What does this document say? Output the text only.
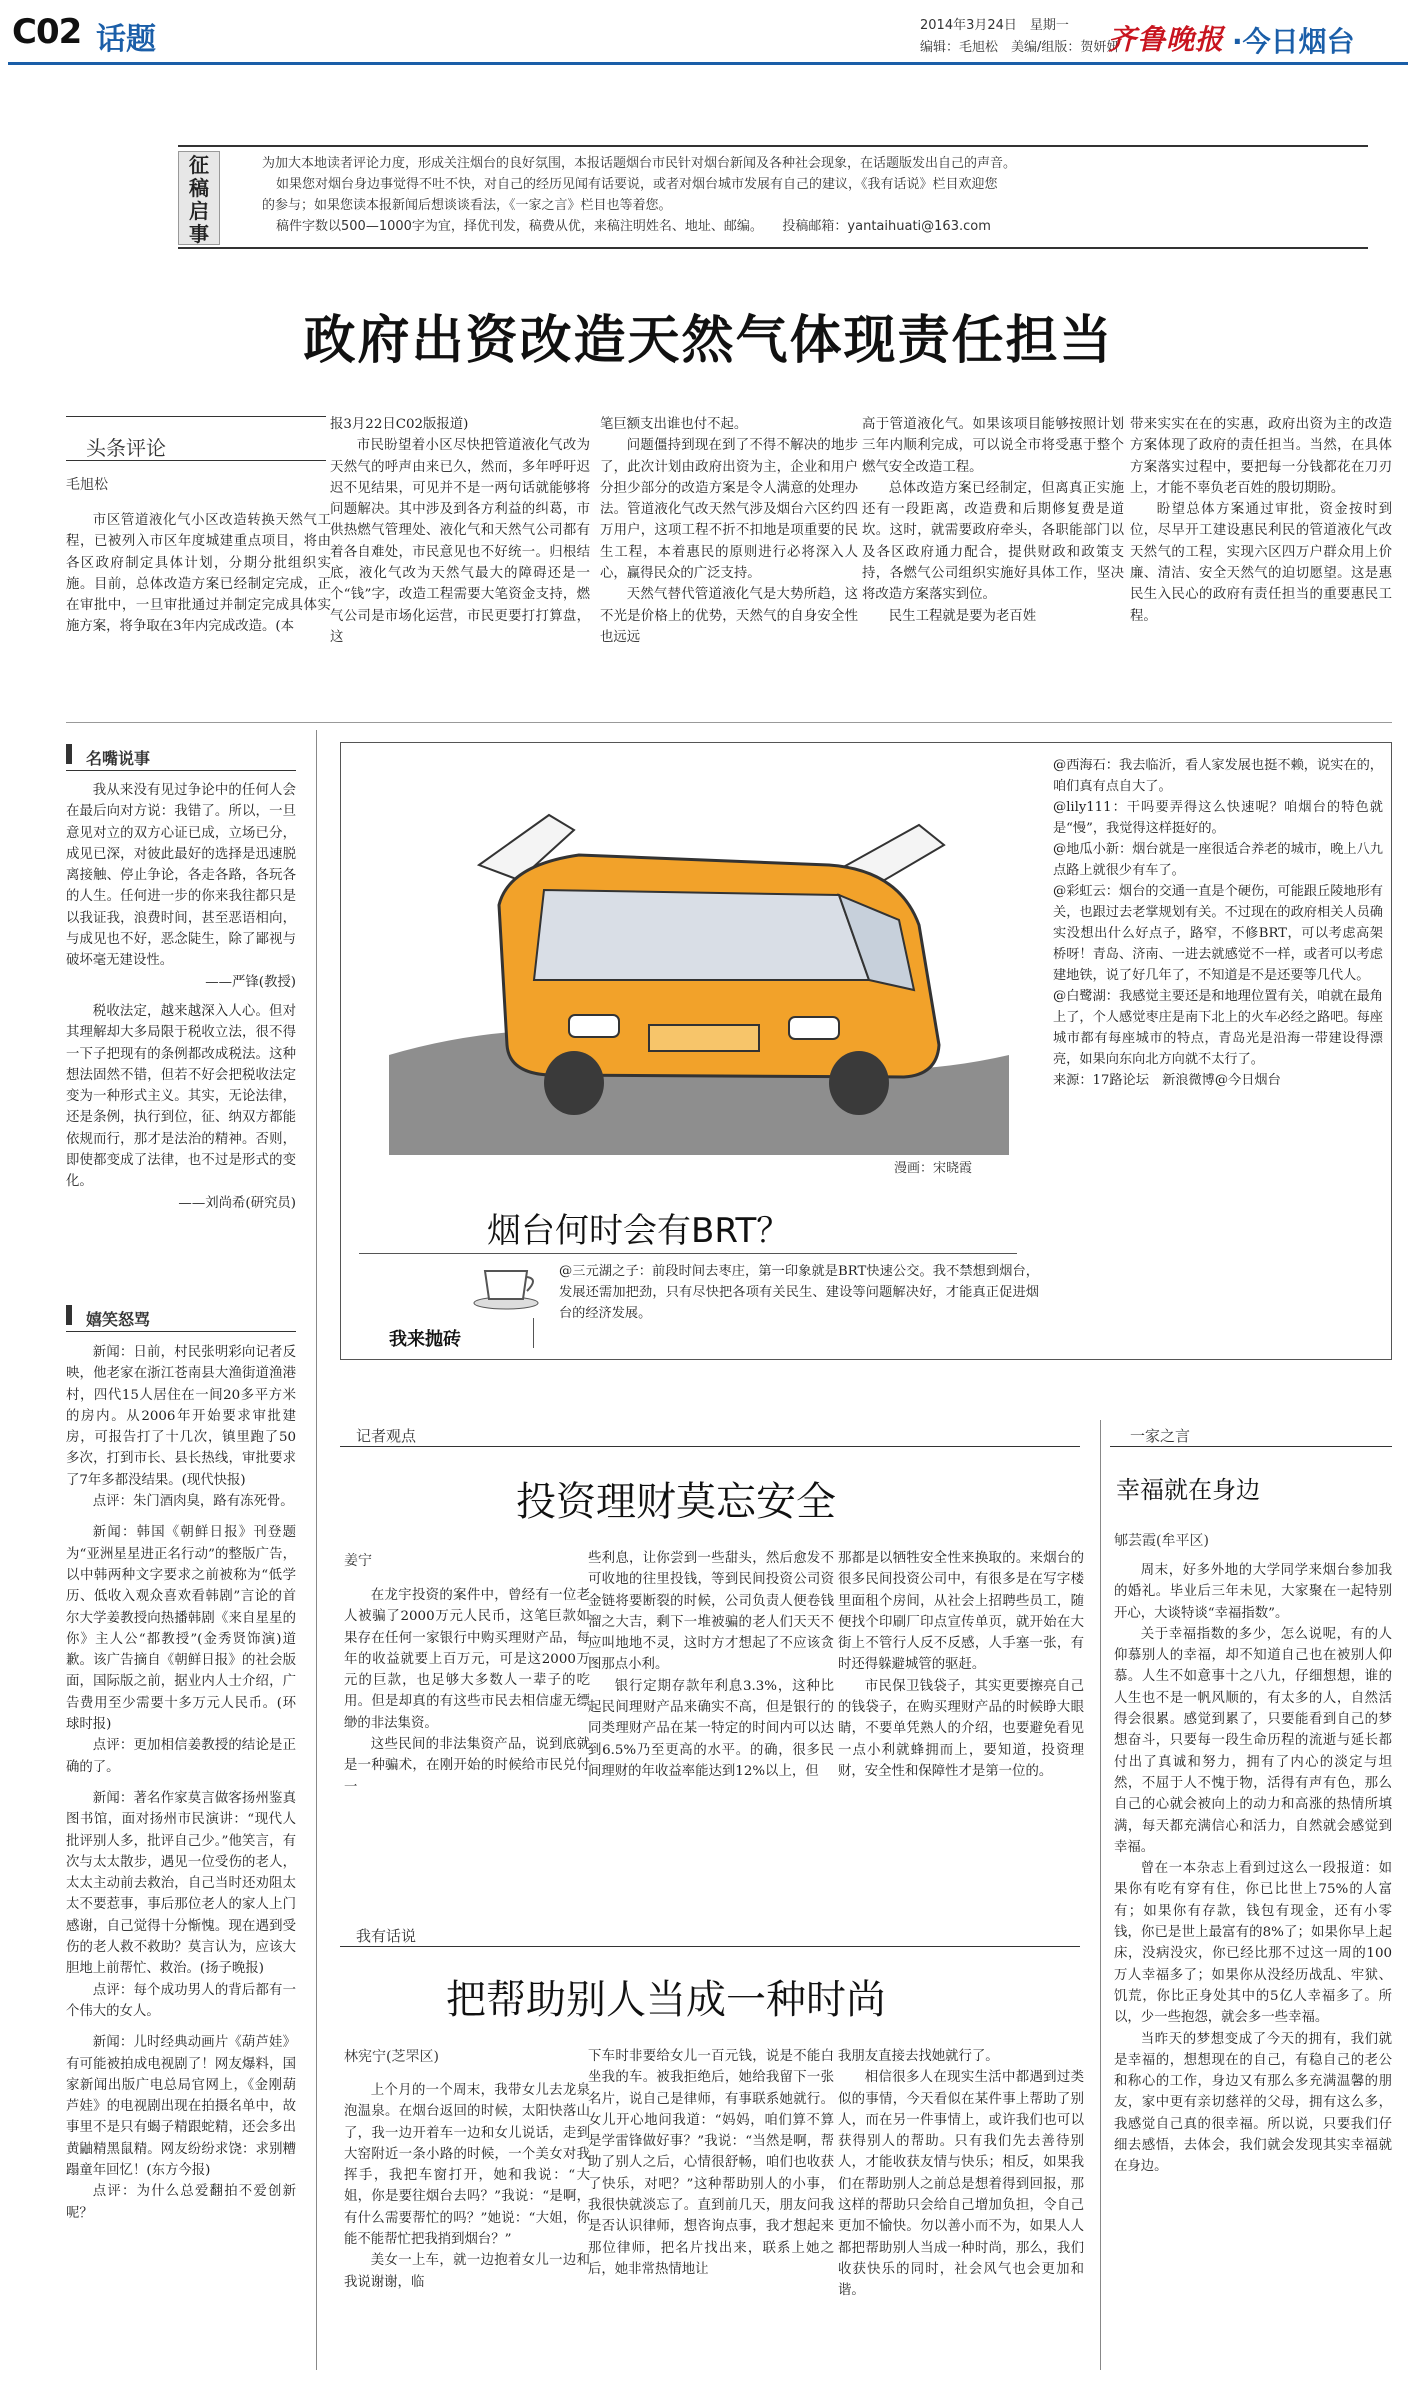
C02 话题	2014年3月24日　 星期一
编辑：毛旭松　美编/组版：贺妍妍
齐鲁晚报 ·今日烟台
征稿启事
为加大本地读者评论力度，形成关注烟台的良好氛围，本报话题烟台市民针对烟台新闻及各种社会现象，在话题版发出自己的声音。
如果您对烟台身边事觉得不吐不快，对自己的经历见闻有话要说，或者对烟台城市发展有自己的建议，《我有话说》栏目欢迎您
的参与；如果您读本报新闻后想谈谈看法，《一家之言》栏目也等着您。
稿件字数以500—1000字为宜，择优刊发，稿费从优，来稿注明姓名、地址、邮编。　　 投稿邮箱：yantaihuati@163.com
政府出资改造天然气体现责任担当
头条评论
毛旭松

市区管道液化气小区改造转换天然气工程，已被列入市区年度城建重点项目，将由各区政府制定具体计划，分期分批组织实施。目前，总体改造方案已经制定完成，正在审批中，一旦审批通过并制定完成具体实施方案，将争取在3年内完成改造。(本

报3月22日C02版报道)

市民盼望着小区尽快把管道液化气改为天然气的呼声由来已久，然而，多年呼吁迟迟不见结果，可见并不是一两句话就能够将问题解决。其中涉及到各方利益的纠葛，市供热燃气管理处、液化气和天然气公司都有着各自难处，市民意见也不好统一。归根结底，液化气改为天然气最大的障碍还是一个“钱”字，改造工程需要大笔资金支持，燃气公司是市场化运营，市民更要打打算盘，这

笔巨额支出谁也付不起。

问题僵持到现在到了不得不解决的地步了，此次计划由政府出资为主，企业和用户分担少部分的改造方案是令人满意的处理办法。管道液化气改天然气涉及烟台六区约四万用户，这项工程不折不扣地是项重要的民生工程，本着惠民的原则进行必将深入人心，赢得民众的广泛支持。

天然气替代管道液化气是大势所趋，这不光是价格上的优势，天然气的自身安全性也远远

高于管道液化气。如果该项目能够按照计划三年内顺利完成，可以说全市将受惠于整个燃气安全改造工程。

总体改造方案已经制定，但离真正实施还有一段距离，改造费和后期修复费是道坎。这时，就需要政府牵头，各职能部门以及各区政府通力配合，提供财政和政策支持，各燃气公司组织实施好具体工作，坚决将改造方案落实到位。

民生工程就是要为老百姓

带来实实在在的实惠，政府出资为主的改造方案体现了政府的责任担当。当然，在具体方案落实过程中，要把每一分钱都花在刀刃上，才能不辜负老百姓的殷切期盼。

盼望总体方案通过审批，资金按时到位，尽早开工建设惠民利民的管道液化气改天然气的工程，实现六区四万户群众用上价廉、清洁、安全天然气的迫切愿望。这是惠民生入民心的政府有责任担当的重要惠民工程。

名嘴说事

我从来没有见过争论中的任何人会在最后向对方说：我错了。所以，一旦意见对立的双方心证已成，立场已分，成见已深，对彼此最好的选择是迅速脱离接触、停止争论，各走各路，各玩各的人生。任何进一步的你来我往都只是以我证我，浪费时间，甚至恶语相向，与成见也不好，恶念陡生，除了鄙视与破坏毫无建设性。

——严锋(教授)

税收法定，越来越深入人心。但对其理解却大多局限于税收立法，很不得一下子把现有的条例都改成税法。这种想法固然不错，但若不好会把税收法定变为一种形式主义。其实，无论法律，还是条例，执行到位，征、纳双方都能依规而行，那才是法治的精神。否则，即使都变成了法律，也不过是形式的变化。

——刘尚希(研究员)

嬉笑怒骂

新闻：日前，村民张明彩向记者反映，他老家在浙江苍南县大渔街道渔港村，四代15人居住在一间20多平方米的房内。从2006年开始要求审批建房，可报告打了十几次，镇里跑了50多次，打到市长、县长热线，审批要求了7年多都没结果。(现代快报)

点评：朱门酒肉臭，路有冻死骨。

新闻：韩国《朝鲜日报》刊登题为“亚洲星星进正名行动”的整版广告，以中韩两种文字要求之前被称为“低学历、低收入观众喜欢看韩剧”言论的首尔大学姜教授向热播韩剧《来自星星的你》主人公“都教授”(金秀贤饰演)道歉。该广告摘自《朝鲜日报》的社会版面，国际版之前，据业内人士介绍，广告费用至少需要十多万元人民币。(环球时报)

点评：更加相信姜教授的结论是正确的了。

新闻：著名作家莫言做客扬州鉴真图书馆，面对扬州市民演讲：“现代人批评别人多，批评自己少。”他笑言，有次与太太散步，遇见一位受伤的老人，太太主动前去救治，自己当时还劝阻太太不要惹事，事后那位老人的家人上门感谢，自己觉得十分惭愧。现在遇到受伤的老人救不救助？莫言认为，应该大胆地上前帮忙、救治。(扬子晚报)

点评：每个成功男人的背后都有一个伟大的女人。

新闻：儿时经典动画片《葫芦娃》有可能被拍成电视剧了！网友爆料，国家新闻出版广电总局官网上，《金刚葫芦娃》的电视剧出现在拍摄名单中，故事里不是只有蝎子精跟蛇精，还会多出黄鼬精黑鼠精。网友纷纷求饶：求别糟蹋童年回忆！(东方今报)

点评：为什么总爱翻拍不爱创新呢？

漫画：宋晓霞

@西海石：我去临沂，看人家发展也挺不赖，说实在的，咱们真有点自大了。

@lily111：干吗要弄得这么快速呢？咱烟台的特色就是“慢”，我觉得这样挺好的。

@地瓜小新：烟台就是一座很适合养老的城市，晚上八九点路上就很少有车了。

@彩虹云：烟台的交通一直是个硬伤，可能跟丘陵地形有关，也跟过去老掌规划有关。不过现在的政府相关人员确实没想出什么好点子，路窄，不修BRT，可以考虑高架桥呀！青岛、济南、一进去就感觉不一样，或者可以考虑建地铁，说了好几年了，不知道是不是还要等几代人。

@白鹭湖：我感觉主要还是和地理位置有关，咱就在最角上了，个人感觉枣庄是南下北上的火车必经之路吧。每座城市都有每座城市的特点，青岛光是沿海一带建设得漂亮，如果向东向北方向就不太行了。

来源：17路论坛　新浪微博@今日烟台

烟台何时会有BRT？
我来抛砖

@三元湖之子：前段时间去枣庄，第一印象就是BRT快速公交。我不禁想到烟台，发展还需加把劲，只有尽快把各项有关民生、建设等问题解决好，才能真正促进烟台的经济发展。

记者观点
投资理财莫忘安全
姜宁

在龙宇投资的案件中，曾经有一位老人被骗了2000万元人民币，这笔巨款如果存在任何一家银行中购买理财产品，每年的收益就要上百万元，可是这2000万元的巨款，也足够大多数人一辈子的吃用。但是却真的有这些市民去相信虚无缥缈的非法集资。

这些民间的非法集资产品，说到底就是一种骗术，在刚开始的时候给市民兑付一

些利息，让你尝到一些甜头，然后愈发不可收地的往里投钱，等到民间投资公司资金链将要断裂的时候，公司负责人便卷钱溜之大吉，剩下一堆被骗的老人们天天不应叫地地不灵，这时方才想起了不应该贪图那点小利。

银行定期存款年利息3.3%，这种比起民间理财产品来确实不高，但是银行的同类理财产品在某一特定的时间内可以达到6.5%乃至更高的水平。的确，很多民间理财的年收益率能达到12%以上，但

那都是以牺牲安全性来换取的。来烟台的很多民间投资公司中，有很多是在写字楼里面租个房间，从社会上招聘些员工，随便找个印刷厂印点宣传单页，就开始在大街上不管行人反不反感，人手塞一张，有时还得躲避城管的驱赶。

市民保卫钱袋子，其实更要擦亮自己的钱袋子，在购买理财产品的时候睁大眼睛，不要单凭熟人的介绍，也要避免看见一点小利就蜂拥而上，要知道，投资理财，安全性和保障性才是第一位的。

我有话说
把帮助别人当成一种时尚
林宪宁(芝罘区)

上个月的一个周末，我带女儿去龙泉泡温泉。在烟台返回的时候，太阳快落山了，我一边开着车一边和女儿说话，走到大窑附近一条小路的时候，一个美女对我挥手，我把车窗打开，她和我说：“大姐，你是要往烟台去吗？”我说：“是啊，有什么需要帮忙的吗？”她说：“大姐，你能不能帮忙把我捎到烟台？”

美女一上车，就一边抱着女儿一边和我说谢谢，临

下车时非要给女儿一百元钱，说是不能白坐我的车。被我拒绝后，她给我留下一张名片，说自己是律师，有事联系她就行。女儿开心地问我道：“妈妈，咱们算不算是学雷锋做好事？”我说：“当然是啊，帮助了别人之后，心情很舒畅，咱们也收获了快乐，对吧？”这种帮助别人的小事，我很快就淡忘了。直到前几天，朋友问我是否认识律师，想咨询点事，我才想起来那位律师，把名片找出来，联系上她之后，她非常热情地让

我朋友直接去找她就行了。

相信很多人在现实生活中都遇到过类似的事情，今天看似在某件事上帮助了别人，而在另一件事情上，或许我们也可以获得别人的帮助。只有我们先去善待别人，才能收获友情与快乐；相反，如果我们在帮助别人之前总是想着得到回报，那这样的帮助只会给自己增加负担，令自己更加不愉快。勿以善小而不为，如果人人都把帮助别人当成一种时尚，那么，我们收获快乐的同时，社会风气也会更加和谐。

一家之言
幸福就在身边
郇芸霞(牟平区)

周末，好多外地的大学同学来烟台参加我的婚礼。毕业后三年未见，大家聚在一起特别开心，大谈特谈“幸福指数”。

关于幸福指数的多少，怎么说呢，有的人仰慕别人的幸福，却不知道自己也在被别人仰慕。人生不如意事十之八九，仔细想想，谁的人生也不是一帆风顺的，有太多的人，自然活得会很累。感觉到累了，只要能看到自己的梦想奋斗，只要每一段生命历程的流逝与延长都付出了真诚和努力，拥有了内心的淡定与坦然，不屈于人不愧于物，活得有声有色，那么自己的心就会被向上的动力和高涨的热情所填满，每天都充满信心和活力，自然就会感觉到幸福。

曾在一本杂志上看到过这么一段报道：如果你有吃有穿有住，你已比世上75%的人富有；如果你有存款，钱包有现金，还有小零钱，你已是世上最富有的8%了；如果你早上起床，没病没灾，你已经比那不过这一周的100万人幸福多了；如果你从没经历战乱、牢狱、饥荒，你比正身处其中的5亿人幸福多了。所以，少一些抱怨，就会多一些幸福。

当昨天的梦想变成了今天的拥有，我们就是幸福的，想想现在的自己，有稳自己的老公和称心的工作，身边又有那么多充满温馨的朋友，家中更有亲切慈祥的父母，拥有这么多，我感觉自己真的很幸福。所以说，只要我们仔细去感悟，去体会，我们就会发现其实幸福就在身边。
